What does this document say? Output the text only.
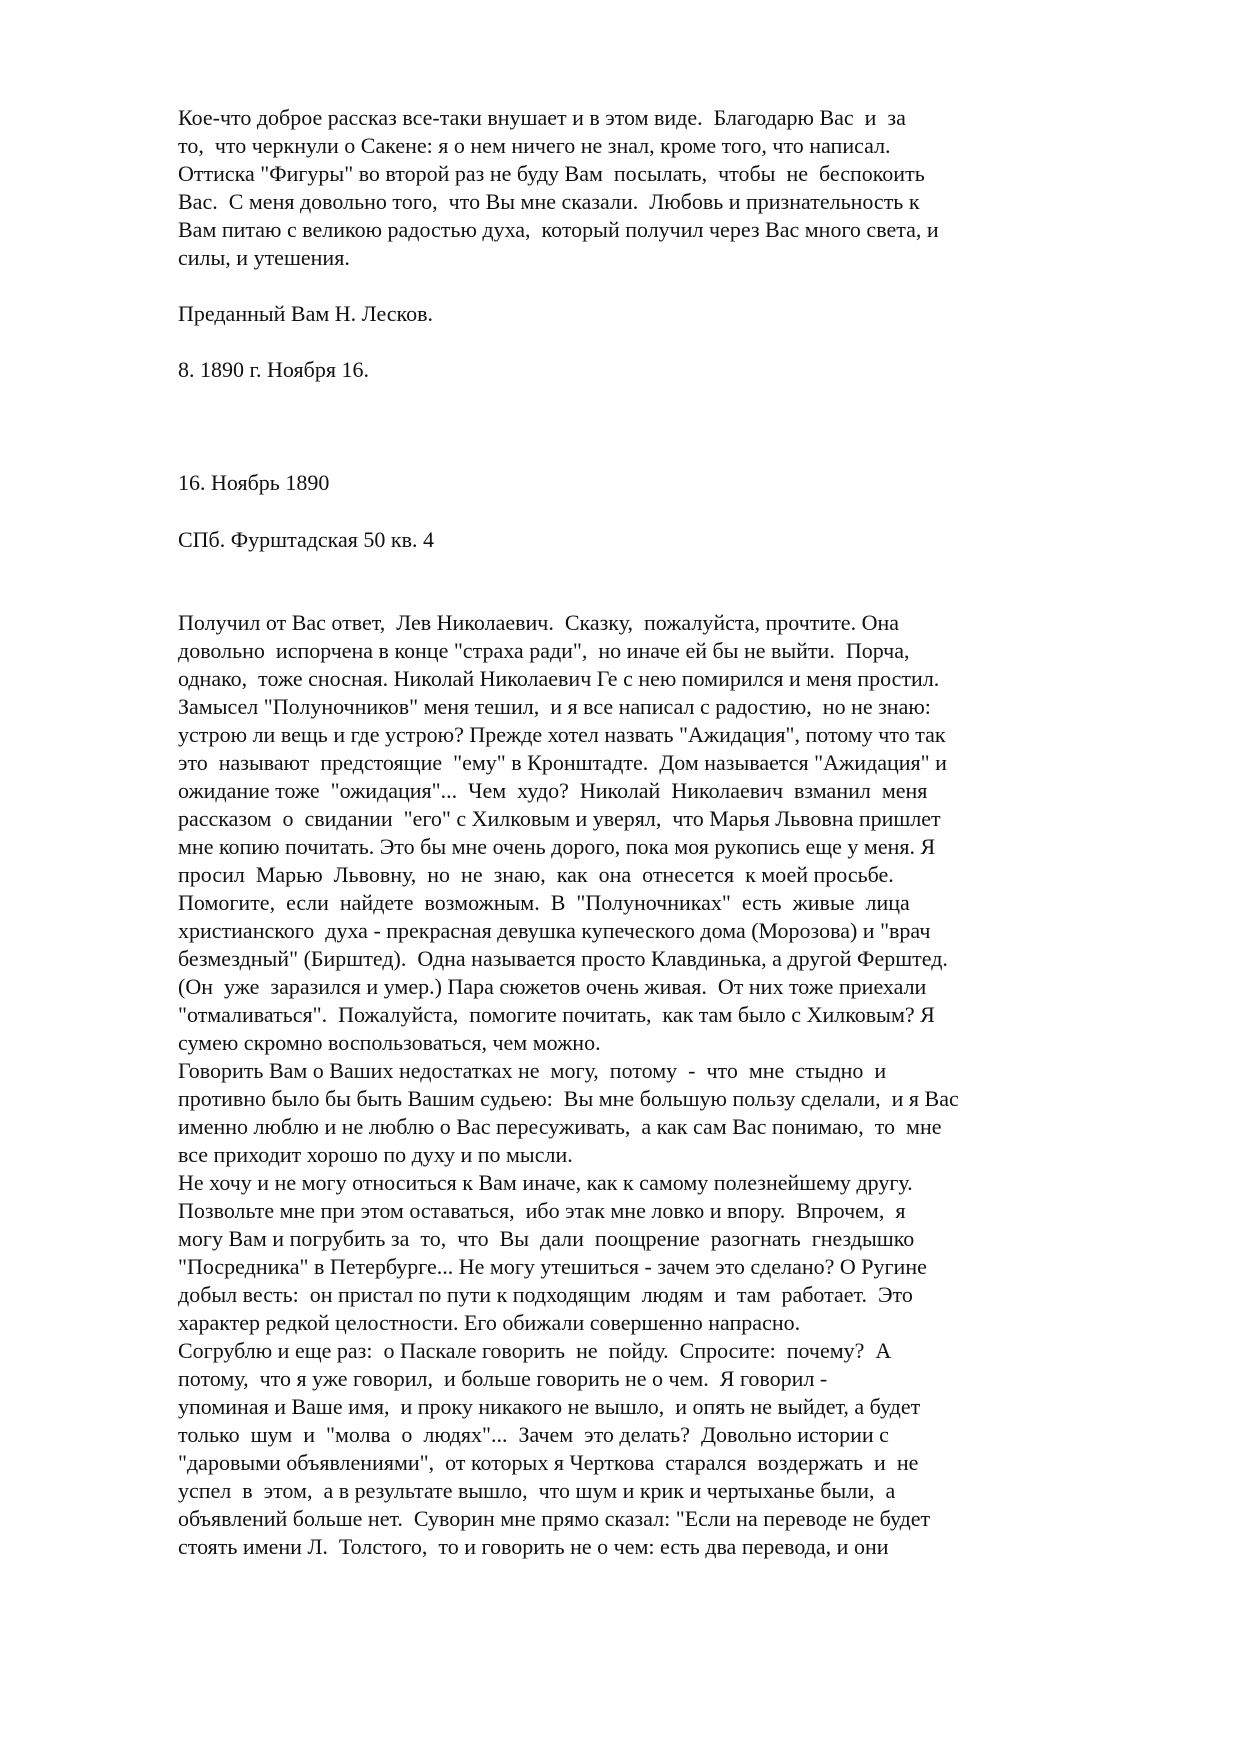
Кое-что доброе рассказ все-таки внушает и в этом виде.  Благодарю Вас  и  за
то,  что черкнули о Сакене: я о нем ничего не знал, кроме того, что написал.
Оттиска "Фигуры" во второй раз не буду Вам  посылать,  чтобы  не  беспокоить
Вас.  С меня довольно того,  что Вы мне сказали.  Любовь и признательность к
Вам питаю с великою радостью духа,  который получил через Вас много света, и
силы, и утешения.
Преданный Вам Н. Лесков.
8. 1890 г. Ноября 16.
16. Ноябрь 1890
СПб. Фурштадская 50 кв. 4
Получил от Вас ответ,  Лев Николаевич.  Сказку,  пожалуйста, прочтите. Она
довольно  испорчена в конце "страха ради",  но иначе ей бы не выйти.  Порча,
однако,  тоже сносная. Николай Николаевич Ге с нею помирился и меня простил.
Замысел "Полуночников" меня тешил,  и я все написал с радостию,  но не знаю:
устрою ли вещь и где устрою? Прежде хотел назвать "Ажидация", потому что так
это  называют  предстоящие  "ему" в Кронштадте.  Дом называется "Ажидация" и
ожидание тоже  "ожидация"...  Чем  худо?  Николай  Николаевич  взманил  меня
рассказом  о  свидании  "его" с Хилковым и уверял,  что Марья Львовна пришлет
мне копию почитать. Это бы мне очень дорого, пока моя рукопись еще у меня. Я
просил  Марью  Львовну,  но  не  знаю,  как  она  отнесется  к моей просьбе.
Помогите,  если  найдете  возможным.  В  "Полуночниках"  есть  живые  лица
христианского  духа - прекрасная девушка купеческого дома (Морозова) и "врач
безмездный" (Бирштед).  Одна называется просто Клавдинька, а другой Ферштед.
(Он  уже  заразился и умер.) Пара сюжетов очень живая.  От них тоже приехали
"отмаливаться".  Пожалуйста,  помогите почитать,  как там было с Хилковым? Я
сумею скромно воспользоваться, чем можно.
Говорить Вам о Ваших недостатках не  могу,  потому  -  что  мне  стыдно  и
противно было бы быть Вашим судьею:  Вы мне большую пользу сделали,  и я Вас
именно люблю и не люблю о Вас пересуживать,  а как сам Вас понимаю,  то  мне
все приходит хорошо по духу и по мысли.
Не хочу и не могу относиться к Вам иначе, как к самому полезнейшему другу.
Позвольте мне при этом оставаться,  ибо этак мне ловко и впору.  Впрочем,  я
могу Вам и погрубить за  то,  что  Вы  дали  поощрение  разогнать  гнездышко
"Посредника" в Петербурге... Не могу утешиться - зачем это сделано? О Ругине
добыл весть:  он пристал по пути к подходящим  людям  и  там  работает.  Это
характер редкой целостности. Его обижали совершенно напрасно.
Согрублю и еще раз:  о Паскале говорить  не  пойду.  Спросите:  почему?  А
потому,  что я уже говорил,  и больше говорить не о чем.  Я говорил -
упоминая и Ваше имя,  и проку никакого не вышло,  и опять не выйдет, а будет
только  шум  и  "молва  о  людях"...  Зачем  это делать?  Довольно истории с
"даровыми объявлениями",  от которых я Черткова  старался  воздержать  и  не
успел  в  этом,  а в результате вышло,  что шум и крик и чертыханье были,  а
объявлений больше нет.  Суворин мне прямо сказал: "Если на переводе не будет
стоять имени Л.  Толстого,  то и говорить не о чем: есть два перевода, и они
